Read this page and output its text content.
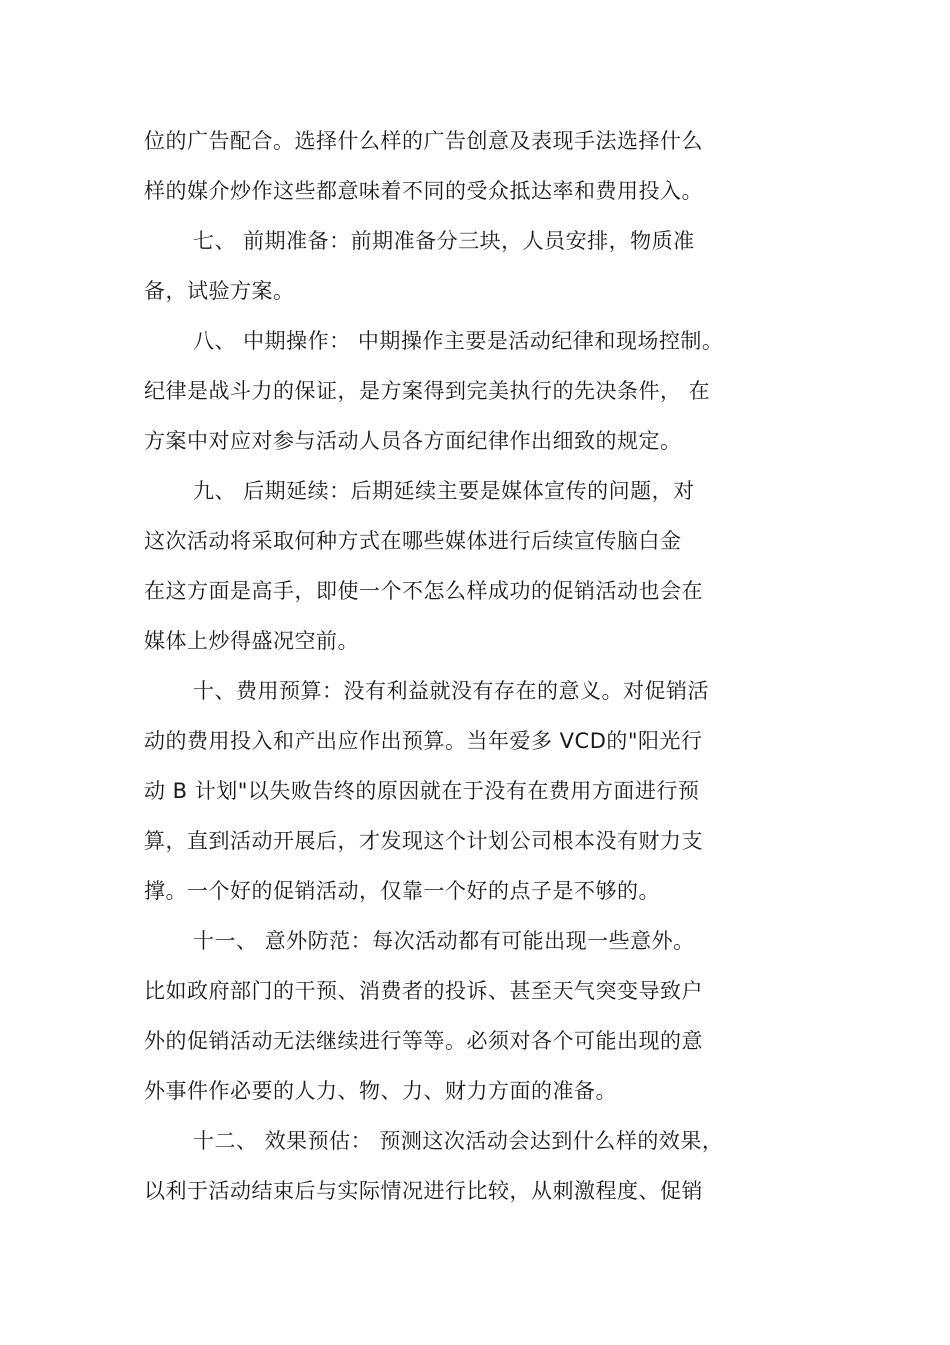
位的广告配合。选择什么样的广告创意及表现手法选择什么
样的媒介炒作这些都意味着不同的受众抵达率和费用投入。
七、 前期准备：前期准备分三块，人员安排，物质准
备，试验方案。
八、 中期操作： 中期操作主要是活动纪律和现场控制。
纪律是战斗力的保证，是方案得到完美执行的先决条件， 在
方案中对应对参与活动人员各方面纪律作出细致的规定。
九、 后期延续：后期延续主要是媒体宣传的问题，对
这次活动将采取何种方式在哪些媒体进行后续宣传脑白金
在这方面是高手，即使一个不怎么样成功的促销活动也会在
媒体上炒得盛况空前。
十、费用预算：没有利益就没有存在的意义。对促销活
动的费用投入和产出应作出预算。当年爱多 VCD的"阳光行
动 B 计划"以失败告终的原因就在于没有在费用方面进行预
算，直到活动开展后，才发现这个计划公司根本没有财力支
撑。一个好的促销活动，仅靠一个好的点子是不够的。
十一、 意外防范：每次活动都有可能出现一些意外。
比如政府部门的干预、消费者的投诉、甚至天气突变导致户
外的促销活动无法继续进行等等。必须对各个可能出现的意
外事件作必要的人力、物、力、财力方面的准备。
十二、 效果预估： 预测这次活动会达到什么样的效果，
以利于活动结束后与实际情况进行比较，从刺激程度、促销
